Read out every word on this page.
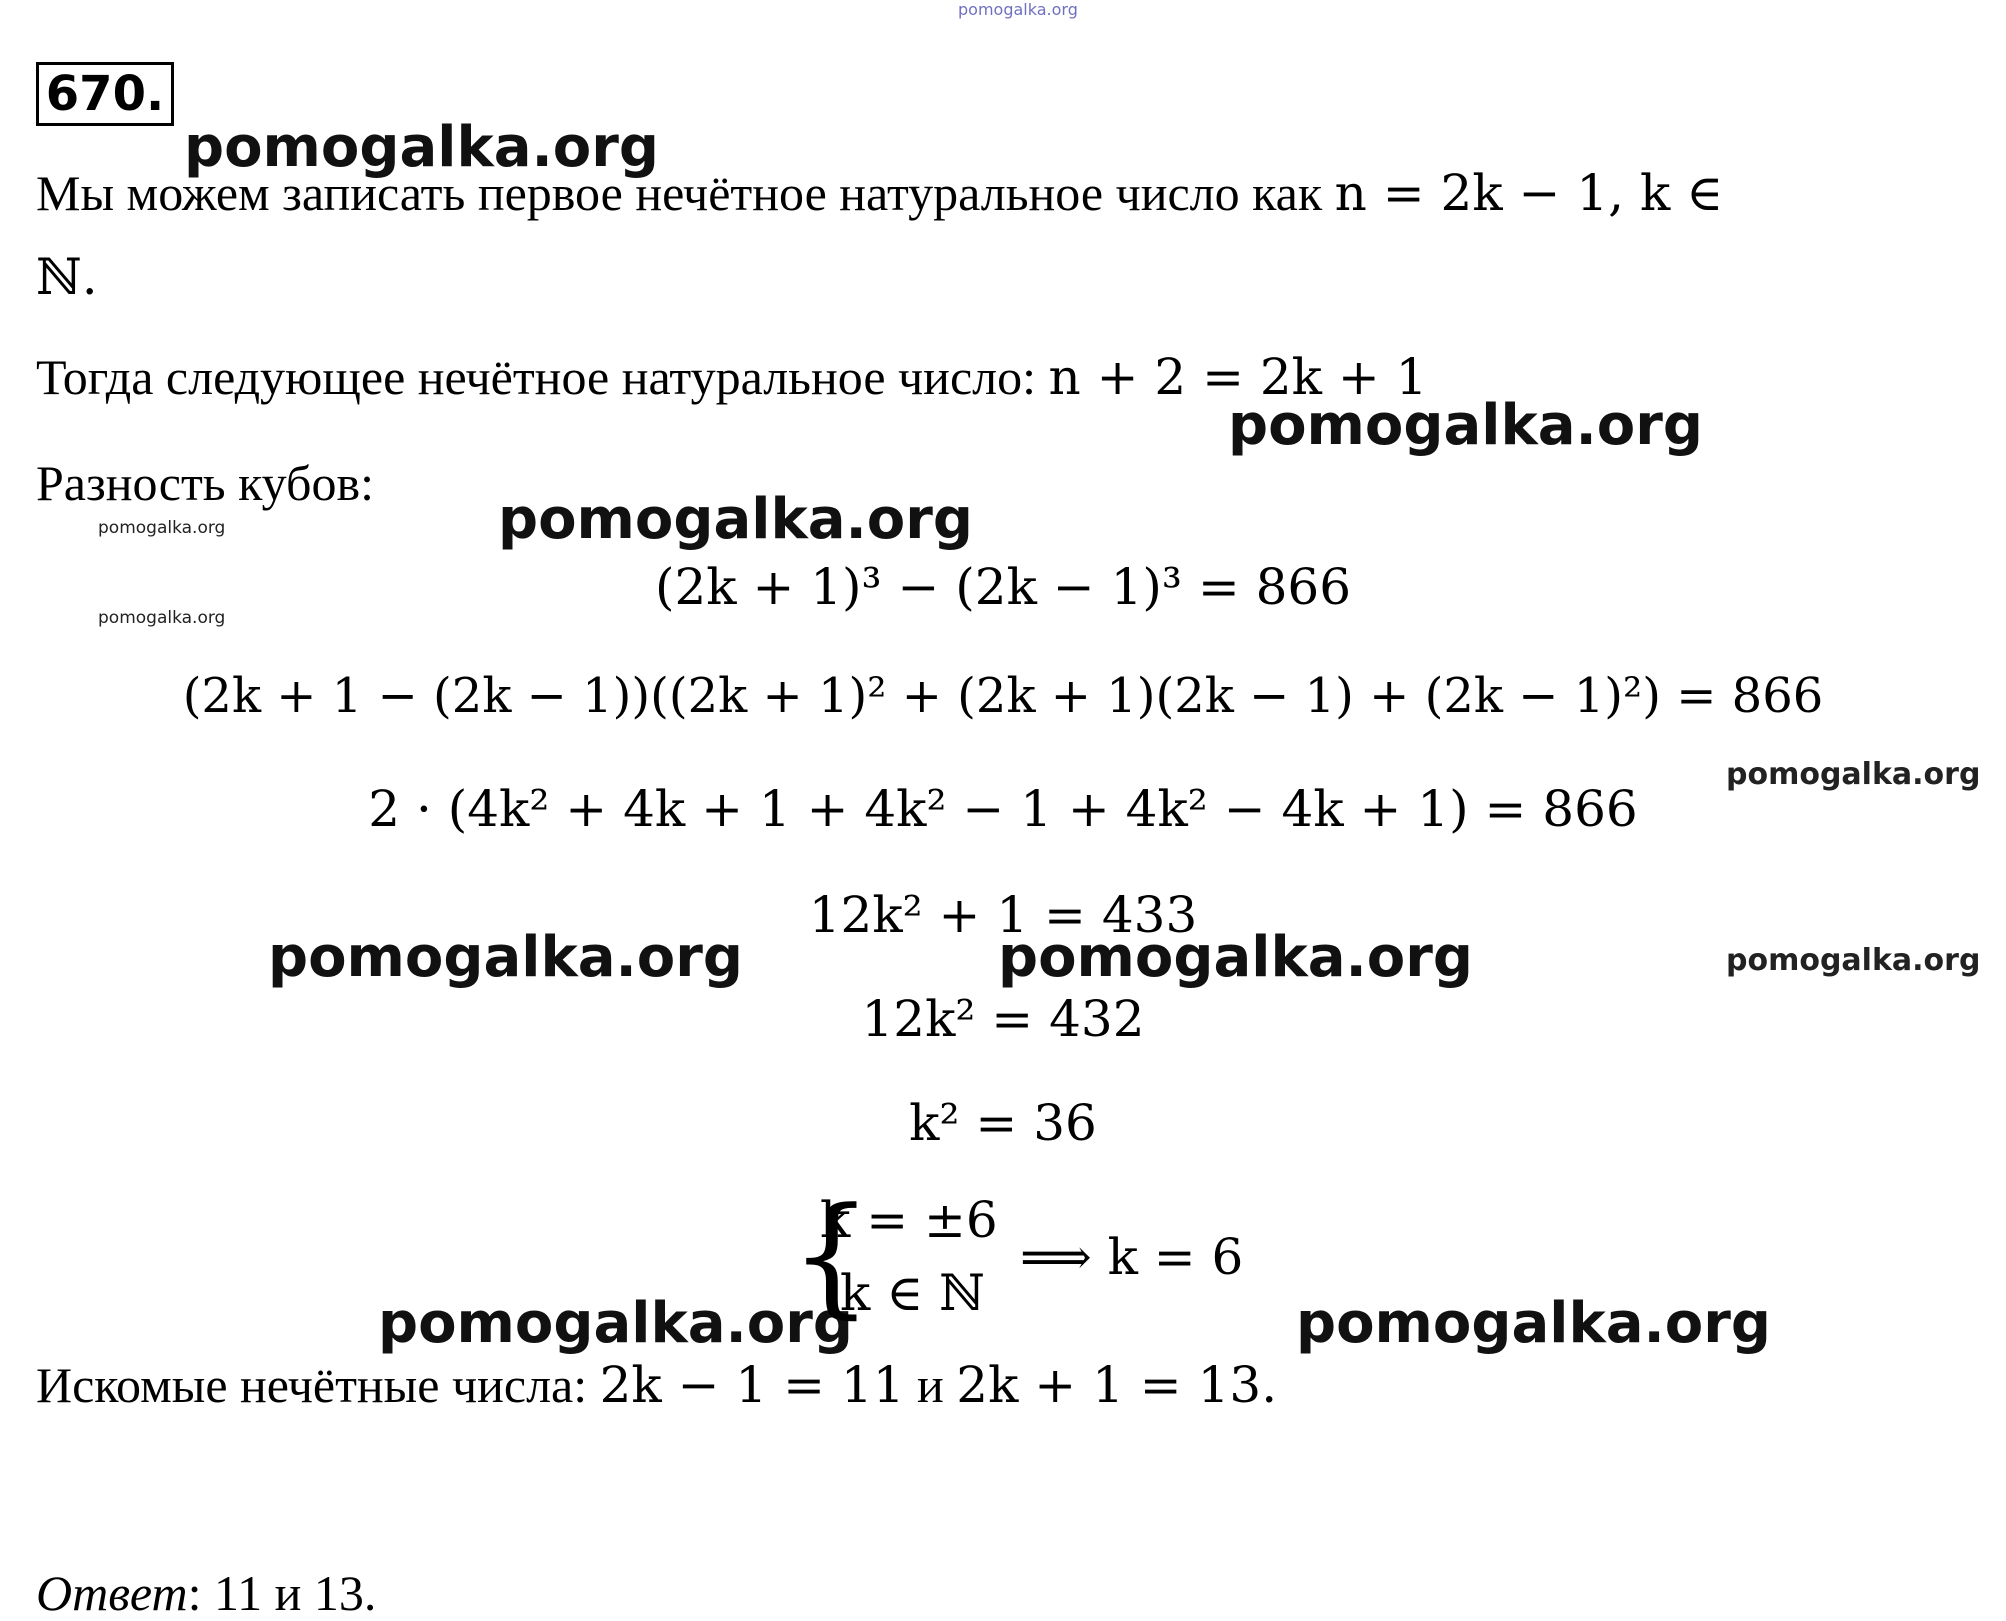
pomogalka.org
pomogalka.org
pomogalka.org
pomogalka.org
pomogalka.org
pomogalka.org
pomogalka.org
pomogalka.org	pomogalka.org	pomogalka.org
pomogalka.org	pomogalka.org
670.
Мы можем записать первое нечётное натуральное число как n = 2k − 1, k ∈
ℕ.
Тогда следующее нечётное натуральное число: n + 2 = 2k + 1
Разность кубов:
(2k + 1)³ − (2k − 1)³ = 866
(2k + 1 − (2k − 1))((2k + 1)² + (2k + 1)(2k − 1) + (2k − 1)²) = 866
2 · (4k² + 4k + 1 + 4k² − 1 + 4k² − 4k + 1) = 866
12k² + 1 = 433
12k² = 432
k² = 36
{
k = ±6
k ∈ ℕ
⟹ k = 6
Искомые нечётные числа: 2k − 1 = 11 и 2k + 1 = 13.
Ответ: 11 и 13.
